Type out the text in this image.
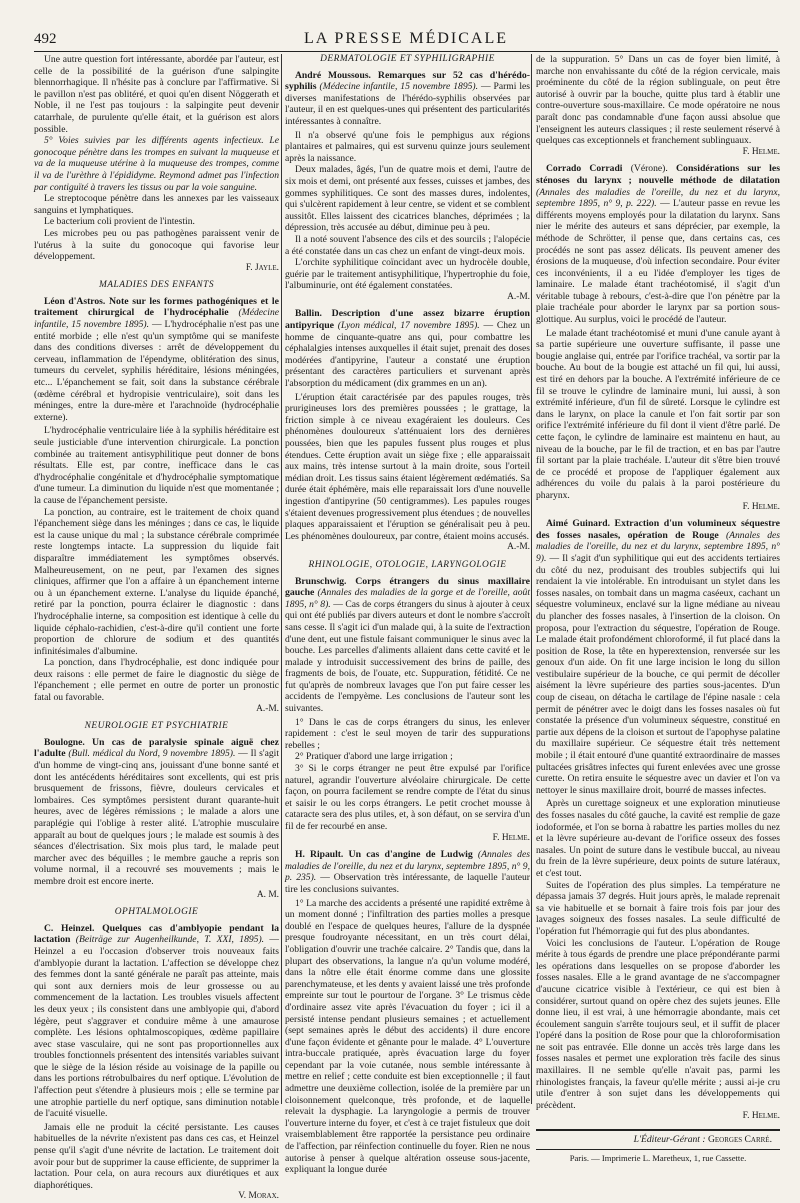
492	LA PRESSE MÉDICALE

Une autre question fort intéressante, abordée par l'auteur, est celle de la possibilité de la guérison d'une salpingite blennorrhagique. Il n'hésite pas à conclure par l'affirmative. Si le pavillon n'est pas oblitéré, et quoi qu'en disent Nöggerath et Noble, il ne l'est pas toujours : la salpingite peut devenir catarrhale, de purulente qu'elle était, et la guérison est alors possible.

5° Voies suivies par les différents agents infectieux. Le gonocoque pénètre dans les trompes en suivant la muqueuse et va de la muqueuse utérine à la muqueuse des trompes, comme il va de l'urèthre à l'épididyme. Reymond admet pas l'infection par contiguïté à travers les tissus ou par la voie sanguine.

Le streptocoque pénètre dans les annexes par les vaisseaux sanguins et lymphatiques.

Le bacterium coli provient de l'intestin.

Les microbes peu ou pas pathogènes paraissent venir de l'utérus à la suite du gonocoque qui favorise leur développement.

F. Jayle.
MALADIES DES ENFANTS

Léon d'Astros. Note sur les formes pathogéniques et le traitement chirurgical de l'hydrocéphalie (Médecine infantile, 15 novembre 1895). — L'hydrocéphalie n'est pas une entité morbide ; elle n'est qu'un symptôme qui se manifeste dans des conditions diverses : arrêt de développement du cerveau, inflammation de l'épendyme, oblitération des sinus, tumeurs du cervelet, syphilis héréditaire, lésions méningées, etc... L'épanchement se fait, soit dans la substance cérébrale (œdème cérébral et hydropisie ventriculaire), soit dans les méninges, entre la dure-mère et l'arachnoïde (hydrocéphalie externe).

L'hydrocéphalie ventriculaire liée à la syphilis héréditaire est seule justiciable d'une intervention chirurgicale. La ponction combinée au traitement antisyphilitique peut donner de bons résultats. Elle est, par contre, inefficace dans le cas d'hydrocéphalie congénitale et d'hydrocéphalie symptomatique d'une tumeur. La diminution du liquide n'est que momentanée ; la cause de l'épanchement persiste.

La ponction, au contraire, est le traitement de choix quand l'épanchement siège dans les méninges ; dans ce cas, le liquide est la cause unique du mal ; la substance cérébrale comprimée reste longtemps intacte. La suppression du liquide fait disparaître immédiatement les symptômes observés. Malheureusement, on ne peut, par l'examen des signes cliniques, affirmer que l'on a affaire à un épanchement interne ou à un épanchement externe. L'analyse du liquide épanché, retiré par la ponction, pourra éclairer le diagnostic : dans l'hydrocéphalie interne, sa composition est identique à celle du liquide céphalo-rachidien, c'est-à-dire qu'il contient une forte proportion de chlorure de sodium et des quantités infinitésimales d'albumine.

La ponction, dans l'hydrocéphalie, est donc indiquée pour deux raisons : elle permet de faire le diagnostic du siège de l'épanchement ; elle permet en outre de porter un pronostic fatal ou favorable.

A.-M.
NEUROLOGIE ET PSYCHIATRIE

Boulogne. Un cas de paralysie spinale aiguë chez l'adulte (Bull. médical du Nord, 9 novembre 1895). — Il s'agit d'un homme de vingt-cinq ans, jouissant d'une bonne santé et dont les antécédents héréditaires sont excellents, qui est pris brusquement de frissons, fièvre, douleurs cervicales et lombaires. Ces symptômes persistent durant quarante-huit heures, avec de légères rémissions ; le malade a alors une paraplégie qui l'oblige à rester alité. L'atrophie musculaire apparaît au bout de quelques jours ; le malade est soumis à des séances d'électrisation. Six mois plus tard, le malade peut marcher avec des béquilles ; le membre gauche a repris son volume normal, il a recouvré ses mouvements ; mais le membre droit est encore inerte.

A. M.
OPHTALMOLOGIE

C. Heinzel. Quelques cas d'amblyopie pendant la lactation (Beiträge zur Augenheilkunde, T. XXI, 1895). — Heinzel a eu l'occasion d'observer trois nouveaux faits d'amblyopie durant la lactation. L'affection se développe chez des femmes dont la santé générale ne paraît pas atteinte, mais qui sont aux derniers mois de leur grossesse ou au commencement de la lactation. Les troubles visuels affectent les deux yeux ; ils consistent dans une amblyopie qui, d'abord légère, peut s'aggraver et conduire même à une amaurose complète. Les lésions ophtalmoscopiques, œdème papillaire avec stase vasculaire, qui ne sont pas proportionnelles aux troubles fonctionnels présentent des intensités variables suivant que le siège de la lésion réside au voisinage de la papille ou dans les portions rétrobulbaires du nerf optique. L'évolution de l'affection peut s'étendre à plusieurs mois ; elle se termine par une atrophie partielle du nerf optique, sans diminution notable de l'acuité visuelle.

Jamais elle ne produit la cécité persistante. Les causes habituelles de la névrite n'existent pas dans ces cas, et Heinzel pense qu'il s'agit d'une névrite de lactation. Le traitement doit avoir pour but de supprimer la cause efficiente, de supprimer la lactation. Pour cela, on aura recours aux diurétiques et aux diaphorétiques.

V. Morax.
DERMATOLOGIE ET SYPHILIGRAPHIE

André Moussous. Remarques sur 52 cas d'hérédo-syphilis (Médecine infantile, 15 novembre 1895). — Parmi les diverses manifestations de l'hérédo-syphilis observées par l'auteur, il en est quelques-unes qui présentent des particularités intéressantes à connaître.

Il n'a observé qu'une fois le pemphigus aux régions plantaires et palmaires, qui est survenu quinze jours seulement après la naissance.

Deux malades, âgés, l'un de quatre mois et demi, l'autre de six mois et demi, ont présenté aux fesses, cuisses et jambes, des gommes syphilitiques. Ce sont des masses dures, indolentes, qui s'ulcèrent rapidement à leur centre, se vident et se comblent aussitôt. Elles laissent des cicatrices blanches, déprimées ; la dépression, très accusée au début, diminue peu à peu.

Il a noté souvent l'absence des cils et des sourcils ; l'alopécie a été constatée dans un cas chez un enfant de vingt-deux mois.

L'orchite syphilitique coïncidant avec un hydrocèle double, guérie par le traitement antisyphilitique, l'hypertrophie du foie, l'albuminurie, ont été également constatées.

A.-M.

Ballin. Description d'une assez bizarre éruption antipyrique (Lyon médical, 17 novembre 1895). — Chez un homme de cinquante-quatre ans qui, pour combattre les céphalalgies intenses auxquelles il était sujet, prenait des doses modérées d'antipyrine, l'auteur a constaté une éruption présentant des caractères particuliers et survenant après l'absorption du médicament (dix grammes en un an).

L'éruption était caractérisée par des papules rouges, très prurigineuses lors des premières poussées ; le grattage, la friction simple à ce niveau exagéraient les douleurs. Ces phénomènes douloureux s'atténuaient lors des dernières poussées, bien que les papules fussent plus rouges et plus étendues. Cette éruption avait un siège fixe ; elle apparaissait aux mains, très intense surtout à la main droite, sous l'orteil médian droit. Les tissus sains étaient légèrement œdématiés. Sa durée était éphémère, mais elle reparaissait lors d'une nouvelle ingestion d'antipyrine (50 centigrammes). Les papules rouges s'étaient devenues progressivement plus étendues ; de nouvelles plaques apparaissaient et l'éruption se généralisait peu à peu. Les phénomènes douloureux, par contre, étaient moins accusés.

A.-M.
RHINOLOGIE, OTOLOGIE, LARYNGOLOGIE

Brunschwig. Corps étrangers du sinus maxillaire gauche (Annales des maladies de la gorge et de l'oreille, août 1895, n° 8). — Cas de corps étrangers du sinus à ajouter à ceux qui ont été publiés par divers auteurs et dont le nombre s'accroît sans cesse. Il s'agit ici d'un malade qui, à la suite de l'extraction d'une dent, eut une fistule faisant communiquer le sinus avec la bouche. Les parcelles d'aliments allaient dans cette cavité et le malade y introduisit successivement des brins de paille, des fragments de bois, de l'ouate, etc. Suppuration, fétidité. Ce ne fut qu'après de nombreux lavages que l'on put faire cesser les accidents de l'empyème. Les conclusions de l'auteur sont les suivantes.

1° Dans le cas de corps étrangers du sinus, les enlever rapidement : c'est le seul moyen de tarir des suppurations rebelles ;

2° Pratiquer d'abord une large irrigation ;

3° Si le corps étranger ne peut être expulsé par l'orifice naturel, agrandir l'ouverture alvéolaire chirurgicale. De cette façon, on pourra facilement se rendre compte de l'état du sinus et saisir le ou les corps étrangers. Le petit crochet mousse à cataracte sera des plus utiles, et, à son défaut, on se servira d'un fil de fer recourbé en anse.

F. Helme.

H. Ripault. Un cas d'angine de Ludwig (Annales des maladies de l'oreille, du nez et du larynx, septembre 1895, n° 9, p. 235). — Observation très intéressante, de laquelle l'auteur tire les conclusions suivantes.

1° La marche des accidents a présenté une rapidité extrême à un moment donné ; l'infiltration des parties molles a presque doublé en l'espace de quelques heures, l'allure de la dyspnée presque foudroyante nécessitant, en un très court délai, l'obligation d'ouvrir une trachée calcaire. 2° Tandis que, dans la plupart des observations, la langue n'a qu'un volume modéré, dans la nôtre elle était énorme comme dans une glossite parenchymateuse, et les dents y avaient laissé une très profonde empreinte sur tout le pourtour de l'organe. 3° Le trismus cède d'ordinaire assez vite après l'évacuation du foyer ; ici il a persisté intense pendant plusieurs semaines ; et actuellement (sept semaines après le début des accidents) il dure encore d'une façon évidente et gênante pour le malade. 4° L'ouverture intra-buccale pratiquée, après évacuation large du foyer cependant par la voie cutanée, nous semble intéressante à mettre en relief ; cette conduite est bien exceptionnelle ; il faut admettre une deuxième collection, isolée de la première par un cloisonnement quelconque, très profonde, et de laquelle relevait la dysphagie. La laryngologie a permis de trouver l'ouverture interne du foyer, et c'est à ce trajet fistuleux que doit vraisemblablement être rapportée la persistance peu ordinaire de l'affection, par réinfection continuelle du foyer. Rien ne nous autorise à penser à quelque altération osseuse sous-jacente, expliquant la longue durée

de la suppuration. 5° Dans un cas de foyer bien limité, à marche non envahissante du côté de la région cervicale, mais proéminente du côté de la région sublinguale, on peut être autorisé à ouvrir par la bouche, quitte plus tard à établir une contre-ouverture sous-maxillaire. Ce mode opératoire ne nous paraît donc pas condamnable d'une façon aussi absolue que l'enseignent les auteurs classiques ; il reste seulement réservé à quelques cas exceptionnels et franchement sublinguaux.

F. Helme.

Corrado Corradi (Vérone). Considérations sur les sténoses du larynx ; nouvelle méthode de dilatation (Annales des maladies de l'oreille, du nez et du larynx, septembre 1895, n° 9, p. 222). — L'auteur passe en revue les différents moyens employés pour la dilatation du larynx. Sans nier le mérite des auteurs et sans déprécier, par exemple, la méthode de Schrötter, il pense que, dans certains cas, ces procédés ne sont pas assez délicats. Ils peuvent amener des érosions de la muqueuse, d'où infection secondaire. Pour éviter ces inconvénients, il a eu l'idée d'employer les tiges de laminaire. Le malade étant trachéotomisé, il s'agit d'un véritable tubage à rebours, c'est-à-dire que l'on pénètre par la plaie trachéale pour aborder le larynx par sa portion sous-glottique. Au surplus, voici le procédé de l'auteur.

Le malade étant trachéotomisé et muni d'une canule ayant à sa partie supérieure une ouverture suffisante, il passe une bougie anglaise qui, entrée par l'orifice trachéal, va sortir par la bouche. Au bout de la bougie est attaché un fil qui, lui aussi, est tiré en dehors par la bouche. A l'extrémité inférieure de ce fil se trouve le cylindre de laminaire muni, lui aussi, à son extrémité inférieure, d'un fil de sûreté. Lorsque le cylindre est dans le larynx, on place la canule et l'on fait sortir par son orifice l'extrémité inférieure du fil dont il vient d'être parlé. De cette façon, le cylindre de laminaire est maintenu en haut, au niveau de la bouche, par le fil de traction, et en bas par l'autre fil sortant par la plaie trachéale. L'auteur dit s'être bien trouvé de ce procédé et propose de l'appliquer également aux adhérences du voile du palais à la paroi postérieure du pharynx.

F. Helme.

Aimé Guinard. Extraction d'un volumineux séquestre des fosses nasales, opération de Rouge (Annales des maladies de l'oreille, du nez et du larynx, septembre 1895, n° 9). — Il s'agit d'un syphilitique qui eut des accidents tertiaires du côté du nez, produisant des troubles subjectifs qui lui rendaient la vie intolérable. En introduisant un stylet dans les fosses nasales, on tombait dans un magma caséeux, cachant un séquestre volumineux, enclavé sur la ligne médiane au niveau du plancher des fosses nasales, à l'insertion de la cloison. On proposa, pour l'extraction du séquestre, l'opération de Rouge. Le malade était profondément chloroformé, il fut placé dans la position de Rose, la tête en hyperextension, renversée sur les genoux d'un aide. On fit une large incision le long du sillon vestibulaire supérieur de la bouche, ce qui permit de décoller aisément la lèvre supérieure des parties sous-jacentes. D'un coup de ciseau, on détacha le cartilage de l'épine nasale : cela permit de pénétrer avec le doigt dans les fosses nasales où fut constatée la présence d'un volumineux séquestre, constitué en partie aux dépens de la cloison et surtout de l'apophyse palatine du maxillaire supérieur. Ce séquestre était très nettement mobile ; il était entouré d'une quantité extraordinaire de masses pultacées grisâtres infectes qui furent enlevées avec une grosse curette. On retira ensuite le séquestre avec un davier et l'on va nettoyer le sinus maxillaire droit, bourré de masses infectes.

Après un curettage soigneux et une exploration minutieuse des fosses nasales du côté gauche, la cavité est remplie de gaze iodoformée, et l'on se borna à rabattre les parties molles du nez et la lèvre supérieure au-devant de l'orifice osseux des fosses nasales. Un point de suture dans le vestibule buccal, au niveau du frein de la lèvre supérieure, deux points de suture latéraux, et c'est tout.

Suites de l'opération des plus simples. La température ne dépassa jamais 37 degrés. Huit jours après, le malade reprenait sa vie habituelle et se bornait à faire trois fois par jour des lavages soigneux des fosses nasales. La seule difficulté de l'opération fut l'hémorragie qui fut des plus abondantes.

Voici les conclusions de l'auteur. L'opération de Rouge mérite à tous égards de prendre une place prépondérante parmi les opérations dans lesquelles on se propose d'aborder les fosses nasales. Elle a le grand avantage de ne s'accompagner d'aucune cicatrice visible à l'extérieur, ce qui est bien à considérer, surtout quand on opère chez des sujets jeunes. Elle donne lieu, il est vrai, à une hémorragie abondante, mais cet écoulement sanguin s'arrête toujours seul, et il suffit de placer l'opéré dans la position de Rose pour que la chloroformisation ne soit pas entravée. Elle donne un accès très large dans les fosses nasales et permet une exploration très facile des sinus maxillaires. Il ne semble qu'elle n'avait pas, parmi les rhinologistes français, la faveur qu'elle mérite ; aussi ai-je cru utile d'entrer à son sujet dans les développements qui précèdent.

F. Helme.
L'Éditeur-Gérant : Georges Carré.
Paris. — Imprimerie L. Maretheux, 1, rue Cassette.
